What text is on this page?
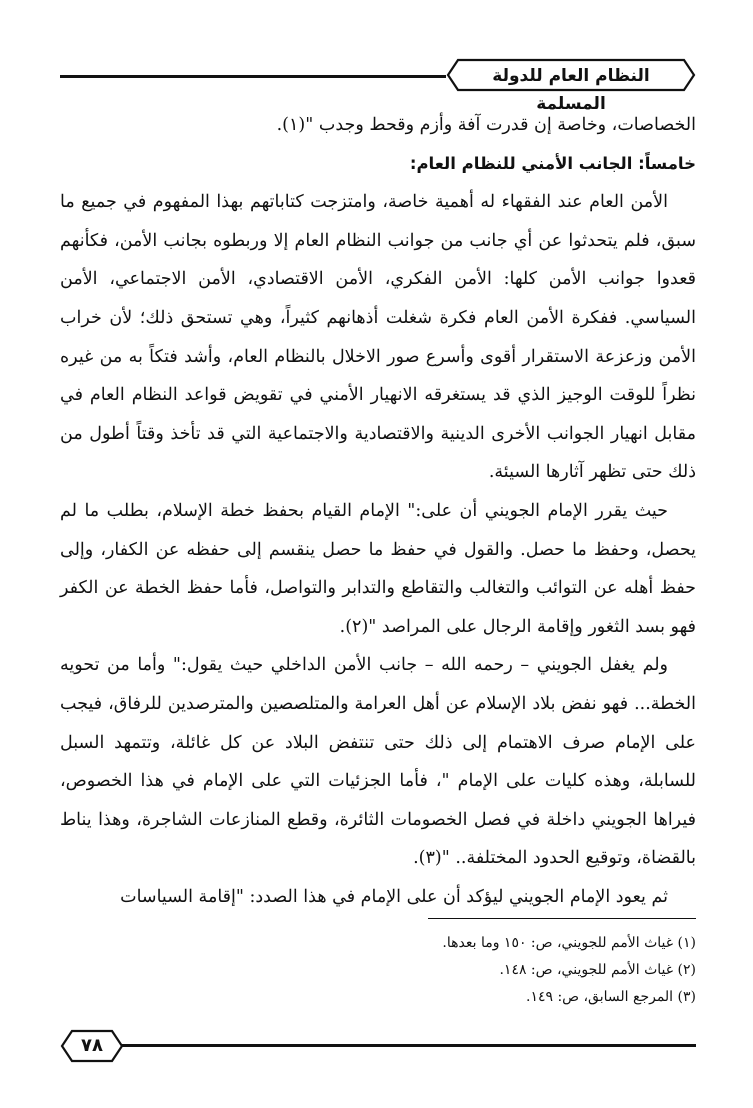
النظام العام للدولة المسلمة

الخصاصات، وخاصة إن قدرت آفة وأزم وقحط وجدب "(١).

خامساً: الجانب الأمني للنظام العام:

الأمن العام عند الفقهاء له أهمية خاصة، وامتزجت كتاباتهم بهذا المفهوم في جميع ما سبق، فلم يتحدثوا عن أي جانب من جوانب النظام العام إلا وربطوه بجانب الأمن، فكأنهم قعدوا جوانب الأمن كلها: الأمن الفكري، الأمن الاقتصادي، الأمن الاجتماعي، الأمن السياسي. ففكرة الأمن العام فكرة شغلت أذهانهم كثيراً، وهي تستحق ذلك؛ لأن خراب الأمن وزعزعة الاستقرار أقوى وأسرع صور الاخلال بالنظام العام، وأشد فتكاً به من غيره نظراً للوقت الوجيز الذي قد يستغرقه الانهيار الأمني في تقويض قواعد النظام العام في مقابل انهيار الجوانب الأخرى الدينية والاقتصادية والاجتماعية التي قد تأخذ وقتاً أطول من ذلك حتى تظهر آثارها السيئة.

حيث يقرر الإمام الجويني أن على:" الإمام القيام بحفظ خطة الإسلام، بطلب ما لم يحصل، وحفظ ما حصل. والقول في حفظ ما حصل ينقسم إلى حفظه عن الكفار، وإلى حفظ أهله عن التوائب والتغالب والتقاطع والتدابر والتواصل، فأما حفظ الخطة عن الكفر فهو بسد الثغور وإقامة الرجال على المراصد "(٢).

ولم يغفل الجويني – رحمه الله – جانب الأمن الداخلي حيث يقول:" وأما من تحويه الخطة... فهو نفض بلاد الإسلام عن أهل العرامة والمتلصصين والمترصدين للرفاق، فيجب على الإمام صرف الاهتمام إلى ذلك حتى تنتفض البلاد عن كل غائلة، وتتمهد السبل للسابلة، وهذه كليات على الإمام "، فأما الجزئيات التي على الإمام في هذا الخصوص، فيراها الجويني داخلة في فصل الخصومات الثائرة، وقطع المنازعات الشاجرة، وهذا يناط بالقضاة، وتوقيع الحدود المختلفة.. "(٣).

ثم يعود الإمام الجويني ليؤكد أن على الإمام في هذا الصدد: "إقامة السياسات

(١) غياث الأمم للجويني، ص: ١٥٠ وما بعدها.
(٢) غياث الأمم للجويني، ص: ١٤٨.
(٣) المرجع السابق، ص: ١٤٩.
٧٨
